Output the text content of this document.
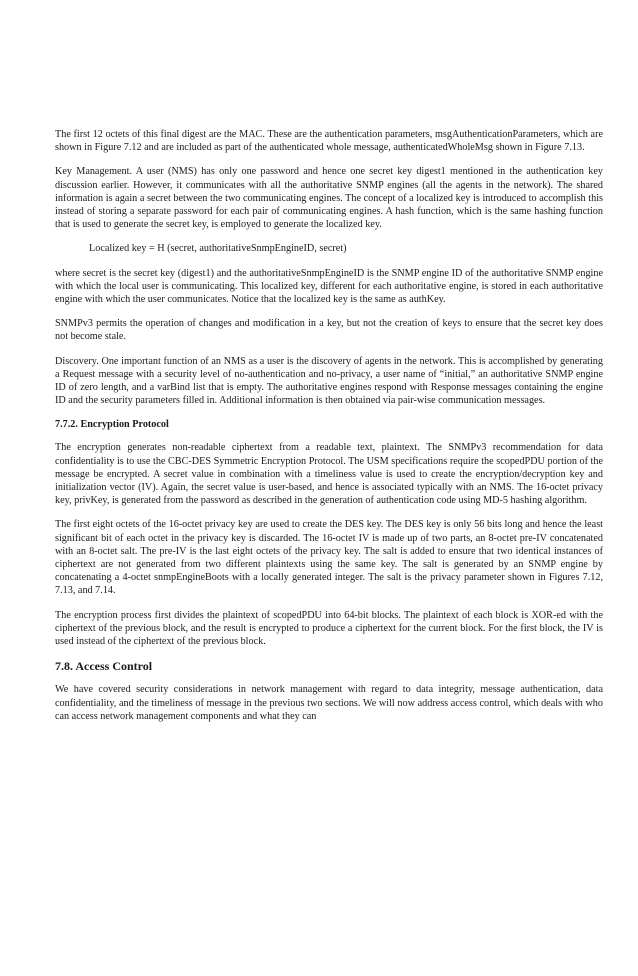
The first 12 octets of this final digest are the MAC. These are the authentication parameters, msgAuthenticationParameters, which are shown in Figure 7.12 and are included as part of the authenticated whole message, authenticatedWholeMsg shown in Figure 7.13.

Key Management. A user (NMS) has only one password and hence one secret key digest1 mentioned in the authentication key discussion earlier. However, it communicates with all the authoritative SNMP engines (all the agents in the network). The shared information is again a secret between the two communicating engines. The concept of a localized key is introduced to accomplish this instead of storing a separate password for each pair of communicating engines. A hash function, which is the same hashing function that is used to generate the secret key, is employed to generate the localized key.

Localized key = H (secret, authoritativeSnmpEngineID, secret)

where secret is the secret key (digest1) and the authoritativeSnmpEngineID is the SNMP engine ID of the authoritative SNMP engine with which the local user is communicating. This localized key, different for each authoritative engine, is stored in each authoritative engine with which the user communicates. Notice that the localized key is the same as authKey.

SNMPv3 permits the operation of changes and modification in a key, but not the creation of keys to ensure that the secret key does not become stale.

Discovery. One important function of an NMS as a user is the discovery of agents in the network. This is accomplished by generating a Request message with a security level of no-authentication and no-privacy, a user name of “initial,” an authoritative SNMP engine ID of zero length, and a varBind list that is empty. The authoritative engines respond with Response messages containing the engine ID and the security parameters filled in. Additional information is then obtained via pair-wise communication messages.

7.7.2. Encryption Protocol

The encryption generates non-readable ciphertext from a readable text, plaintext. The SNMPv3 recommendation for data confidentiality is to use the CBC-DES Symmetric Encryption Protocol. The USM specifications require the scopedPDU portion of the message be encrypted. A secret value in combination with a timeliness value is used to create the encryption/decryption key and initialization vector (IV). Again, the secret value is user-based, and hence is associated typically with an NMS. The 16-octet privacy key, privKey, is generated from the password as described in the generation of authentication code using MD-5 hashing algorithm.

The first eight octets of the 16-octet privacy key are used to create the DES key. The DES key is only 56 bits long and hence the least significant bit of each octet in the privacy key is discarded. The 16-octet IV is made up of two parts, an 8-octet pre-IV concatenated with an 8-octet salt. The pre-IV is the last eight octets of the privacy key. The salt is added to ensure that two identical instances of ciphertext are not generated from two different plaintexts using the same key. The salt is generated by an SNMP engine by concatenating a 4-octet snmpEngineBoots with a locally generated integer. The salt is the privacy parameter shown in Figures 7.12, 7.13, and 7.14.

The encryption process first divides the plaintext of scopedPDU into 64-bit blocks. The plaintext of each block is XOR-ed with the ciphertext of the previous block, and the result is encrypted to produce a ciphertext for the current block. For the first block, the IV is used instead of the ciphertext of the previous block.

7.8. Access Control

We have covered security considerations in network management with regard to data integrity, message authentication, data confidentiality, and the timeliness of message in the previous two sections. We will now address access control, which deals with who can access network management components and what they can
